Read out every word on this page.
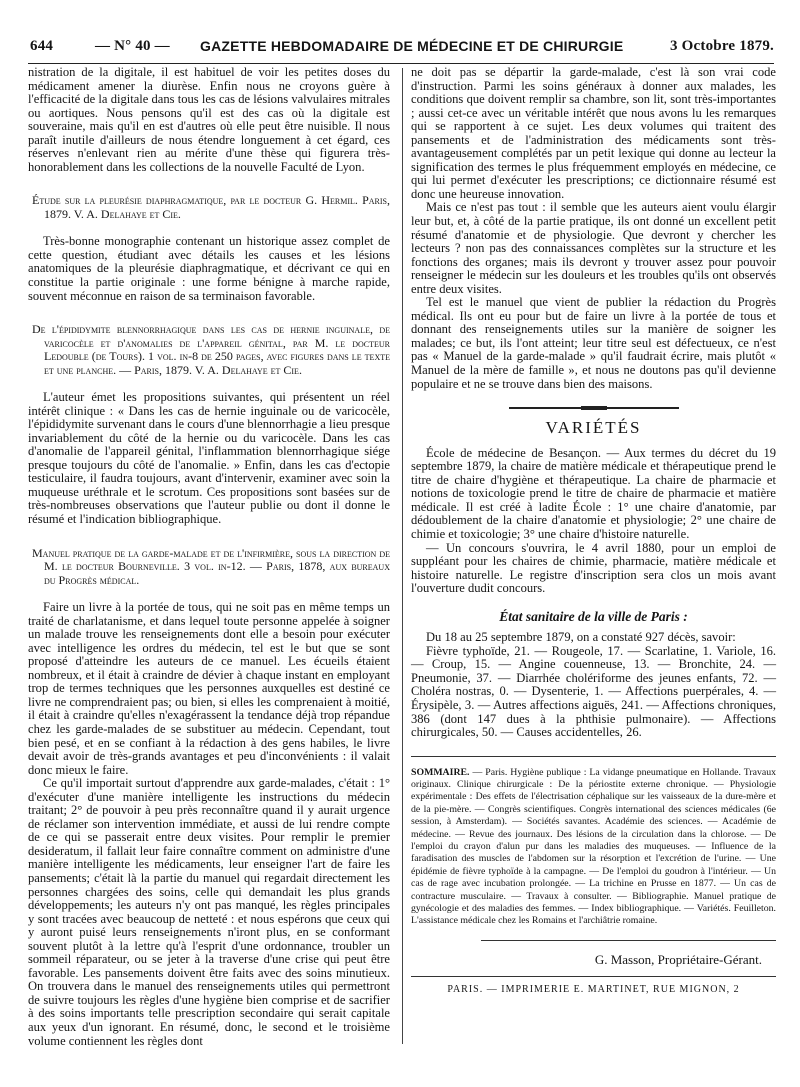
644	— N° 40 — GAZETTE HEBDOMADAIRE DE MÉDECINE ET DE CHIRURGIE	3 Octobre 1879.

nistration de la digitale, il est habituel de voir les petites doses du médicament amener la diurèse. Enfin nous ne croyons guère à l'efficacité de la digitale dans tous les cas de lésions valvulaires mitrales ou aortiques. Nous pensons qu'il est des cas où la digitale est souveraine, mais qu'il en est d'autres où elle peut être nuisible. Il nous paraît inutile d'ailleurs de nous étendre longuement à cet égard, ces réserves n'enlevant rien au mérite d'une thèse qui figurera très-honorablement dans les collections de la nouvelle Faculté de Lyon.

Étude sur la pleurésie diaphragmatique, par le docteur G. Hermil. Paris, 1879. V. A. Delahaye et Cie.

Très-bonne monographie contenant un historique assez complet de cette question, étudiant avec détails les causes et les lésions anatomiques de la pleurésie diaphragmatique, et décrivant ce qui en constitue la partie originale : une forme bénigne à marche rapide, souvent méconnue en raison de sa terminaison favorable.

De l'épididymite blennorrhagique dans les cas de hernie inguinale, de varicocèle et d'anomalies de l'appareil génital, par M. le docteur Ledouble (de Tours). 1 vol. in-8 de 250 pages, avec figures dans le texte et une planche. — Paris, 1879. V. A. Delahaye et Cie.

L'auteur émet les propositions suivantes, qui présentent un réel intérêt clinique : « Dans les cas de hernie inguinale ou de varicocèle, l'épididymite survenant dans le cours d'une blennorrhagie a lieu presque invariablement du côté de la hernie ou du varicocèle. Dans les cas d'anomalie de l'appareil génital, l'inflammation blennorrhagique siége presque toujours du côté de l'anomalie. » Enfin, dans les cas d'ectopie testiculaire, il faudra toujours, avant d'intervenir, examiner avec soin la muqueuse uréthrale et le scrotum. Ces propositions sont basées sur de très-nombreuses observations que l'auteur publie ou dont il donne le résumé et l'indication bibliographique.

Manuel pratique de la garde-malade et de l'infirmière, sous la direction de M. le docteur Bourneville. 3 vol. in-12. — Paris, 1878, aux bureaux du Progrès médical.

Faire un livre à la portée de tous, qui ne soit pas en même temps un traité de charlatanisme, et dans lequel toute personne appelée à soigner un malade trouve les renseignements dont elle a besoin pour exécuter avec intelligence les ordres du médecin, tel est le but que se sont proposé d'atteindre les auteurs de ce manuel. Les écueils étaient nombreux, et il était à craindre de dévier à chaque instant en employant trop de termes techniques que les personnes auxquelles est destiné ce livre ne comprendraient pas; ou bien, si elles les comprenaient à moitié, il était à craindre qu'elles n'exagérassent la tendance déjà trop répandue chez les garde-malades de se substituer au médecin. Cependant, tout bien pesé, et en se confiant à la rédaction à des gens habiles, le livre devait avoir de très-grands avantages et peu d'inconvénients : il valait donc mieux le faire.

Ce qu'il importait surtout d'apprendre aux garde-malades, c'était : 1° d'exécuter d'une manière intelligente les instructions du médecin traitant; 2° de pouvoir à peu près reconnaître quand il y aurait urgence de réclamer son intervention immédiate, et aussi de lui rendre compte de ce qui se passerait entre deux visites. Pour remplir le premier desideratum, il fallait leur faire connaître comment on administre d'une manière intelligente les médicaments, leur enseigner l'art de faire les pansements; c'était là la partie du manuel qui regardait directement les personnes chargées des soins, celle qui demandait les plus grands développements; les auteurs n'y ont pas manqué, les règles principales y sont tracées avec beaucoup de netteté : et nous espérons que ceux qui y auront puisé leurs renseignements n'iront plus, en se conformant souvent plutôt à la lettre qu'à l'esprit d'une ordonnance, troubler un sommeil réparateur, ou se jeter à la traverse d'une crise qui peut être favorable. Les pansements doivent être faits avec des soins minutieux. On trouvera dans le manuel des renseignements utiles qui permettront de suivre toujours les règles d'une hygiène bien comprise et de sacrifier à des soins importants telle prescription secondaire qui serait capitale aux yeux d'un ignorant. En résumé, donc, le second et le troisième volume contiennent les règles dont

ne doit pas se départir la garde-malade, c'est là son vrai code d'instruction. Parmi les soins généraux à donner aux malades, les conditions que doivent remplir sa chambre, son lit, sont très-importantes ; aussi cet-ce avec un véritable intérêt que nous avons lu les remarques qui se rapportent à ce sujet. Les deux volumes qui traitent des pansements et de l'administration des médicaments sont très-avantageusement complétés par un petit lexique qui donne au lecteur la signification des termes le plus fréquemment employés en médecine, ce qui lui permet d'exécuter les prescriptions; ce dictionnaire résumé est donc une heureuse innovation.

Mais ce n'est pas tout : il semble que les auteurs aient voulu élargir leur but, et, à côté de la partie pratique, ils ont donné un excellent petit résumé d'anatomie et de physiologie. Que devront y chercher les lecteurs ? non pas des connaissances complètes sur la structure et les fonctions des organes; mais ils devront y trouver assez pour pouvoir renseigner le médecin sur les douleurs et les troubles qu'ils ont observés entre deux visites.

Tel est le manuel que vient de publier la rédaction du Progrès médical. Ils ont eu pour but de faire un livre à la portée de tous et donnant des renseignements utiles sur la manière de soigner les malades; ce but, ils l'ont atteint; leur titre seul est défectueux, ce n'est pas « Manuel de la garde-malade » qu'il faudrait écrire, mais plutôt « Manuel de la mère de famille », et nous ne doutons pas qu'il devienne populaire et ne se trouve dans bien des maisons.

VARIÉTÉS

École de médecine de Besançon. — Aux termes du décret du 19 septembre 1879, la chaire de matière médicale et thérapeutique prend le titre de chaire d'hygiène et thérapeutique. La chaire de pharmacie et notions de toxicologie prend le titre de chaire de pharmacie et matière médicale. Il est créé à ladite École : 1° une chaire d'anatomie, par dédoublement de la chaire d'anatomie et physiologie; 2° une chaire de chimie et toxicologie; 3° une chaire d'histoire naturelle.

— Un concours s'ouvrira, le 4 avril 1880, pour un emploi de suppléant pour les chaires de chimie, pharmacie, matière médicale et histoire naturelle. Le registre d'inscription sera clos un mois avant l'ouverture dudit concours.

État sanitaire de la ville de Paris :

Du 18 au 25 septembre 1879, on a constaté 927 décès, savoir:

Fièvre typhoïde, 21. — Rougeole, 17. — Scarlatine, 1. Variole, 16. — Croup, 15. — Angine couenneuse, 13. — Bronchite, 24. — Pneumonie, 37. — Diarrhée cholériforme des jeunes enfants, 72. — Choléra nostras, 0. — Dysenterie, 1. — Affections puerpérales, 4. — Érysipèle, 3. — Autres affections aiguës, 241. — Affections chroniques, 386 (dont 147 dues à la phthisie pulmonaire). — Affections chirurgicales, 50. — Causes accidentelles, 26.

SOMMAIRE. — Paris. Hygiène publique : La vidange pneumatique en Hollande. Travaux originaux. Clinique chirurgicale : De la périostite externe chronique. — Physiologie expérimentale : Des effets de l'électrisation céphalique sur les vaisseaux de la dure-mère et de la pie-mère. — Congrès scientifiques. Congrès international des sciences médicales (6e session, à Amsterdam). — Sociétés savantes. Académie des sciences. — Académie de médecine. — Revue des journaux. Des lésions de la circulation dans la chlorose. — De l'emploi du crayon d'alun pur dans les maladies des muqueuses. — Influence de la faradisation des muscles de l'abdomen sur la résorption et l'excrétion de l'urine. — Une épidémie de fièvre typhoïde à la campagne. — De l'emploi du goudron à l'intérieur. — Un cas de rage avec incubation prolongée. — La trichine en Prusse en 1877. — Un cas de contracture musculaire. — Travaux à consulter. — Bibliographie. Manuel pratique de gynécologie et des maladies des femmes. — Index bibliographique. — Variétés. Feuilleton. L'assistance médicale chez les Romains et l'archiâtrie romaine.
G. Masson, Propriétaire-Gérant.
PARIS. — IMPRIMERIE E. MARTINET, RUE MIGNON, 2
